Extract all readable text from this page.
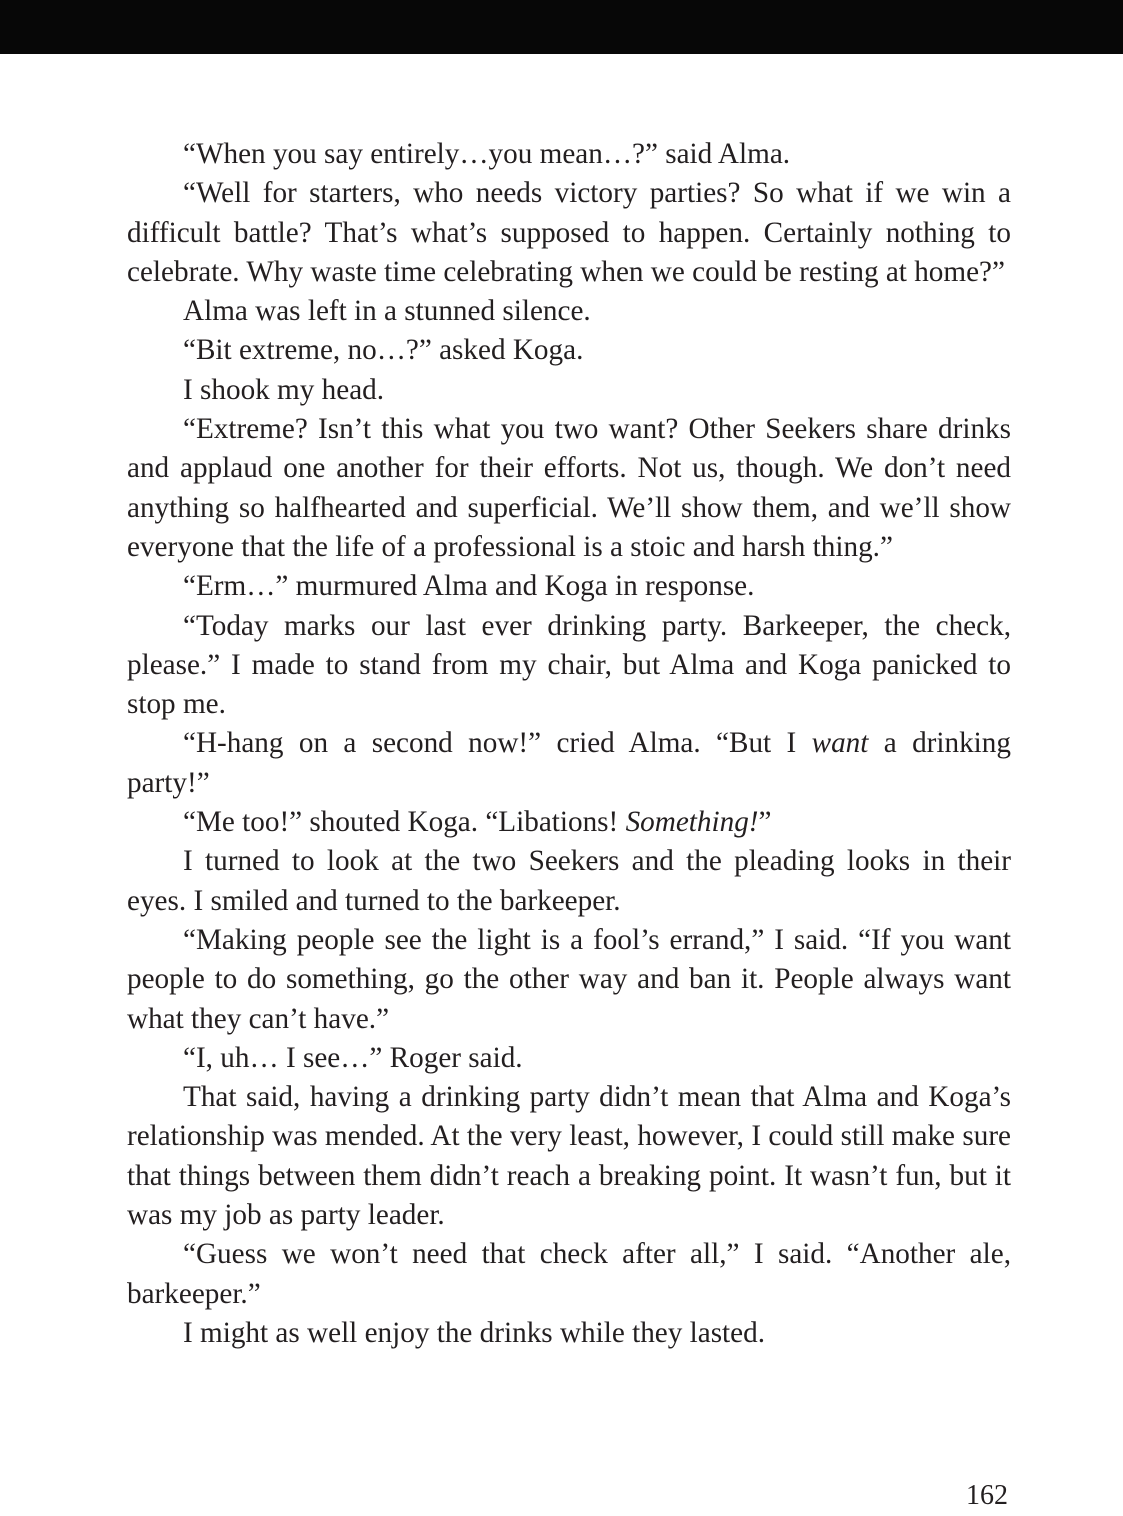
“When you say entirely…you mean…?” said Alma.

“Well for starters, who needs victory parties? So what if we win a difficult battle? That’s what’s supposed to happen. Certainly nothing to celebrate. Why waste time celebrating when we could be resting at home?”

Alma was left in a stunned silence.

“Bit extreme, no…?” asked Koga.

I shook my head.

“Extreme? Isn’t this what you two want? Other Seekers share drinks and applaud one another for their efforts. Not us, though. We don’t need anything so halfhearted and superficial. We’ll show them, and we’ll show everyone that the life of a professional is a stoic and harsh thing.”

“Erm…” murmured Alma and Koga in response.

“Today marks our last ever drinking party. Barkeeper, the check, please.” I made to stand from my chair, but Alma and Koga panicked to stop me.

“H-hang on a second now!” cried Alma. “But I want a drinking party!”

“Me too!” shouted Koga. “Libations! Something!”

I turned to look at the two Seekers and the pleading looks in their eyes. I smiled and turned to the barkeeper.

“Making people see the light is a fool’s errand,” I said. “If you want people to do something, go the other way and ban it. People always want what they can’t have.”

“I, uh… I see…” Roger said.

That said, having a drinking party didn’t mean that Alma and Koga’s relationship was mended. At the very least, however, I could still make sure that things between them didn’t reach a breaking point. It wasn’t fun, but it was my job as party leader.

“Guess we won’t need that check after all,” I said. “Another ale, barkeeper.”

I might as well enjoy the drinks while they lasted.

162
